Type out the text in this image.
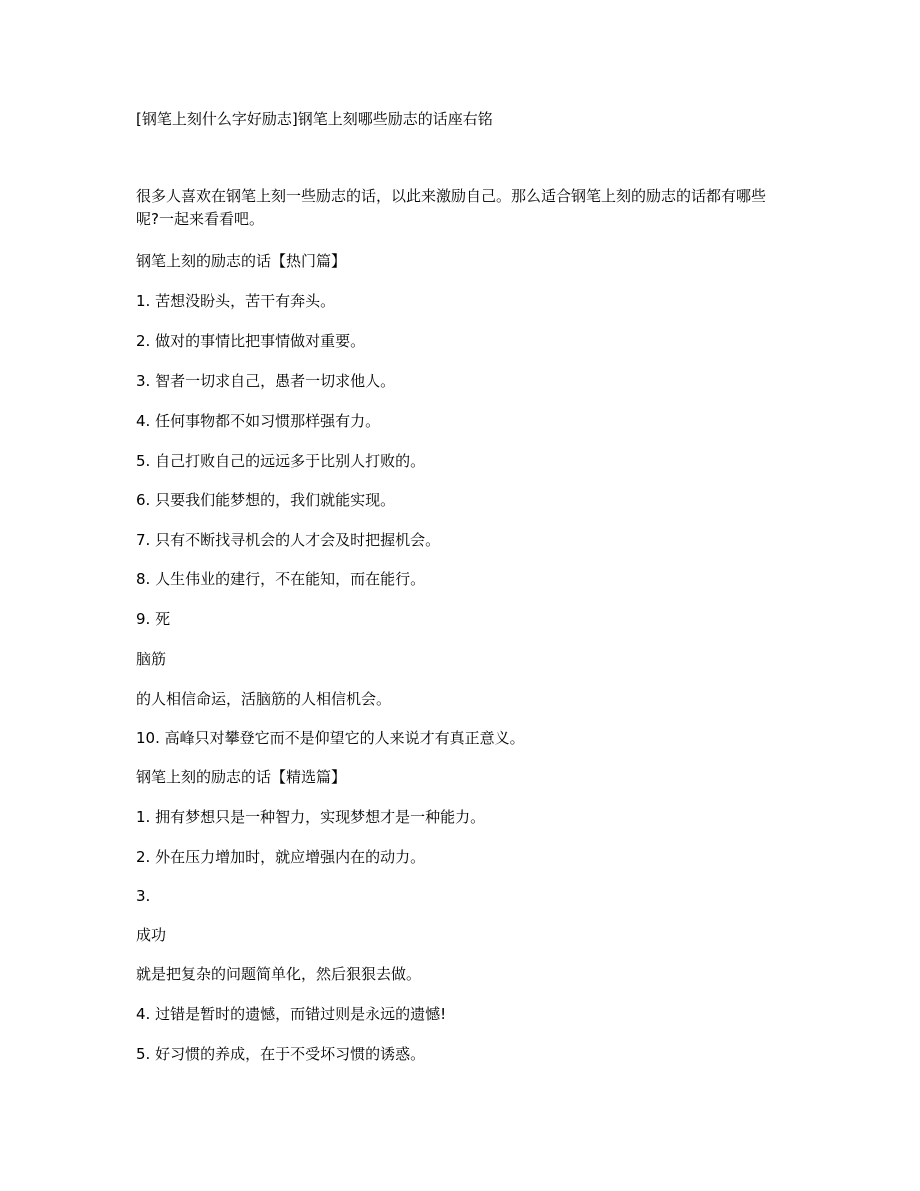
[钢笔上刻什么字好励志]钢笔上刻哪些励志的话座右铭
很多人喜欢在钢笔上刻一些励志的话，以此来激励自己。那么适合钢笔上刻的励志的话都有哪些呢?一起来看看吧。
钢笔上刻的励志的话【热门篇】
1. 苦想没盼头，苦干有奔头。
2. 做对的事情比把事情做对重要。
3. 智者一切求自己，愚者一切求他人。
4. 任何事物都不如习惯那样强有力。
5. 自己打败自己的远远多于比别人打败的。
6. 只要我们能梦想的，我们就能实现。
7. 只有不断找寻机会的人才会及时把握机会。
8. 人生伟业的建行，不在能知，而在能行。
9. 死
脑筋
的人相信命运，活脑筋的人相信机会。
10. 高峰只对攀登它而不是仰望它的人来说才有真正意义。
钢笔上刻的励志的话【精选篇】
1. 拥有梦想只是一种智力，实现梦想才是一种能力。
2. 外在压力增加时，就应增强内在的动力。
3.
成功
就是把复杂的问题简单化，然后狠狠去做。
4. 过错是暂时的遗憾，而错过则是永远的遗憾!
5. 好习惯的养成，在于不受坏习惯的诱惑。
